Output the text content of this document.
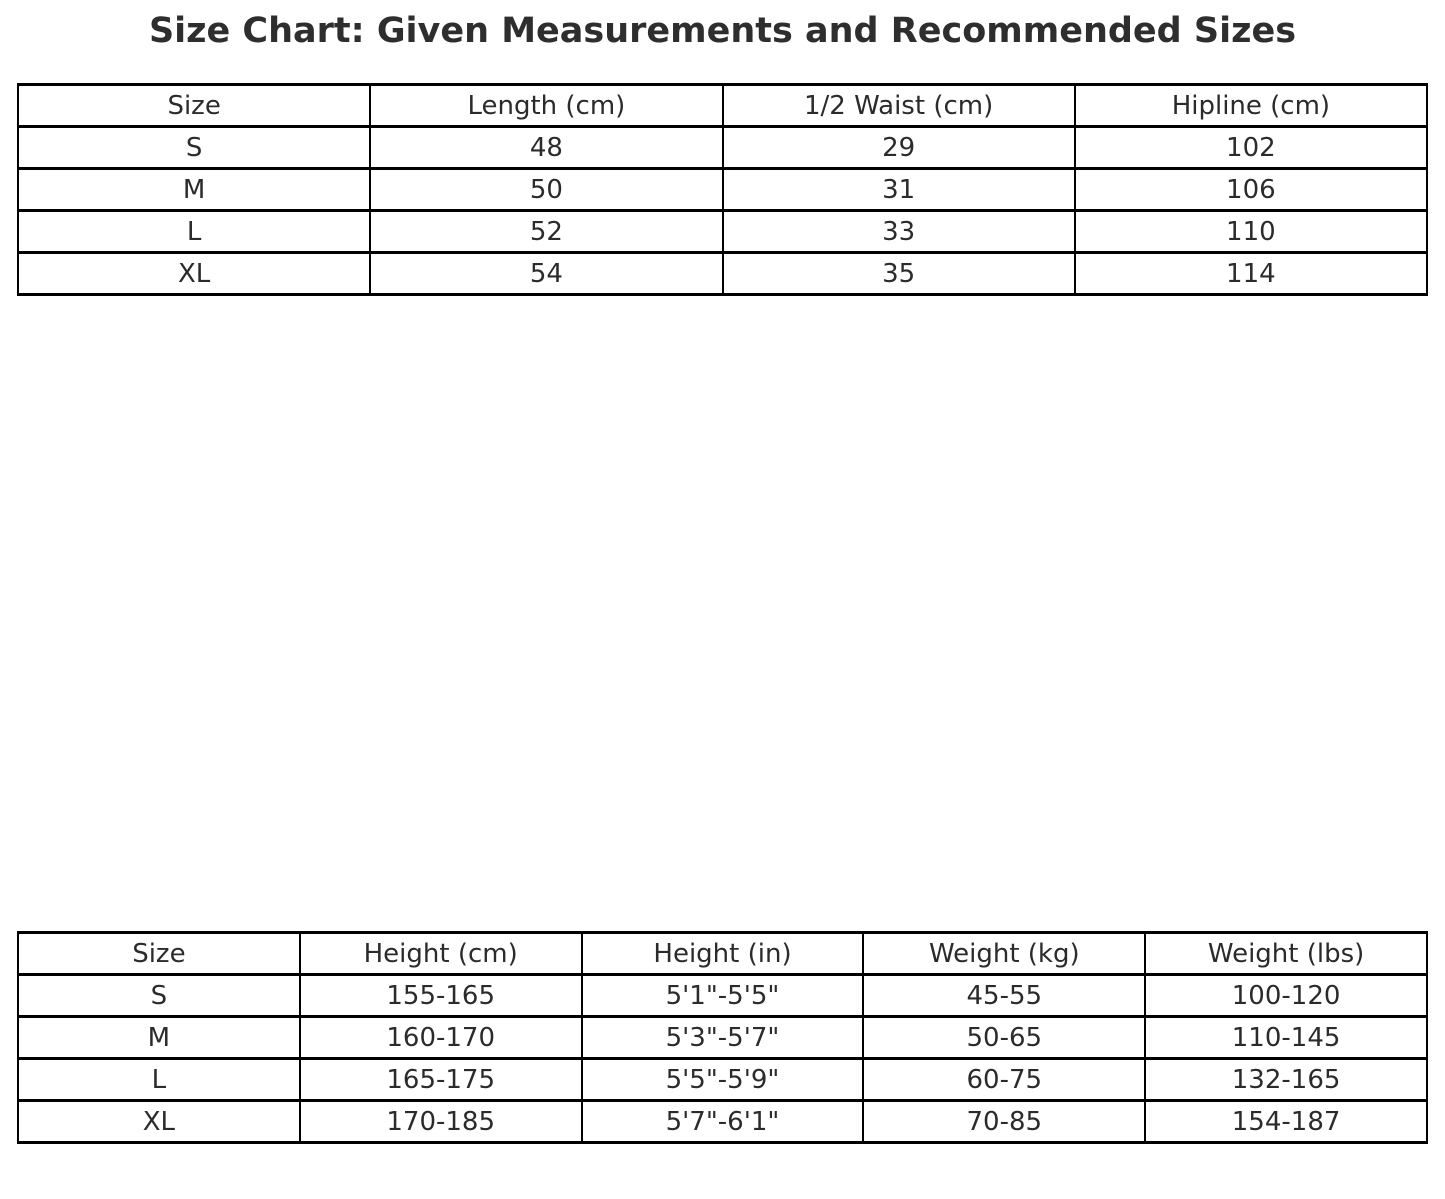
Size Chart: Given Measurements and Recommended Sizes
Size	Length (cm)	1/2 Waist (cm)	Hipline (cm)
S	48	29	102
M	50	31	106
L	52	33	110
XL	54	35	114
Size	Height (cm)	Height (in)	Weight (kg)	Weight (lbs)
S	155-165	5'1"-5'5"	45-55	100-120
M	160-170	5'3"-5'7"	50-65	110-145
L	165-175	5'5"-5'9"	60-75	132-165
XL	170-185	5'7"-6'1"	70-85	154-187
